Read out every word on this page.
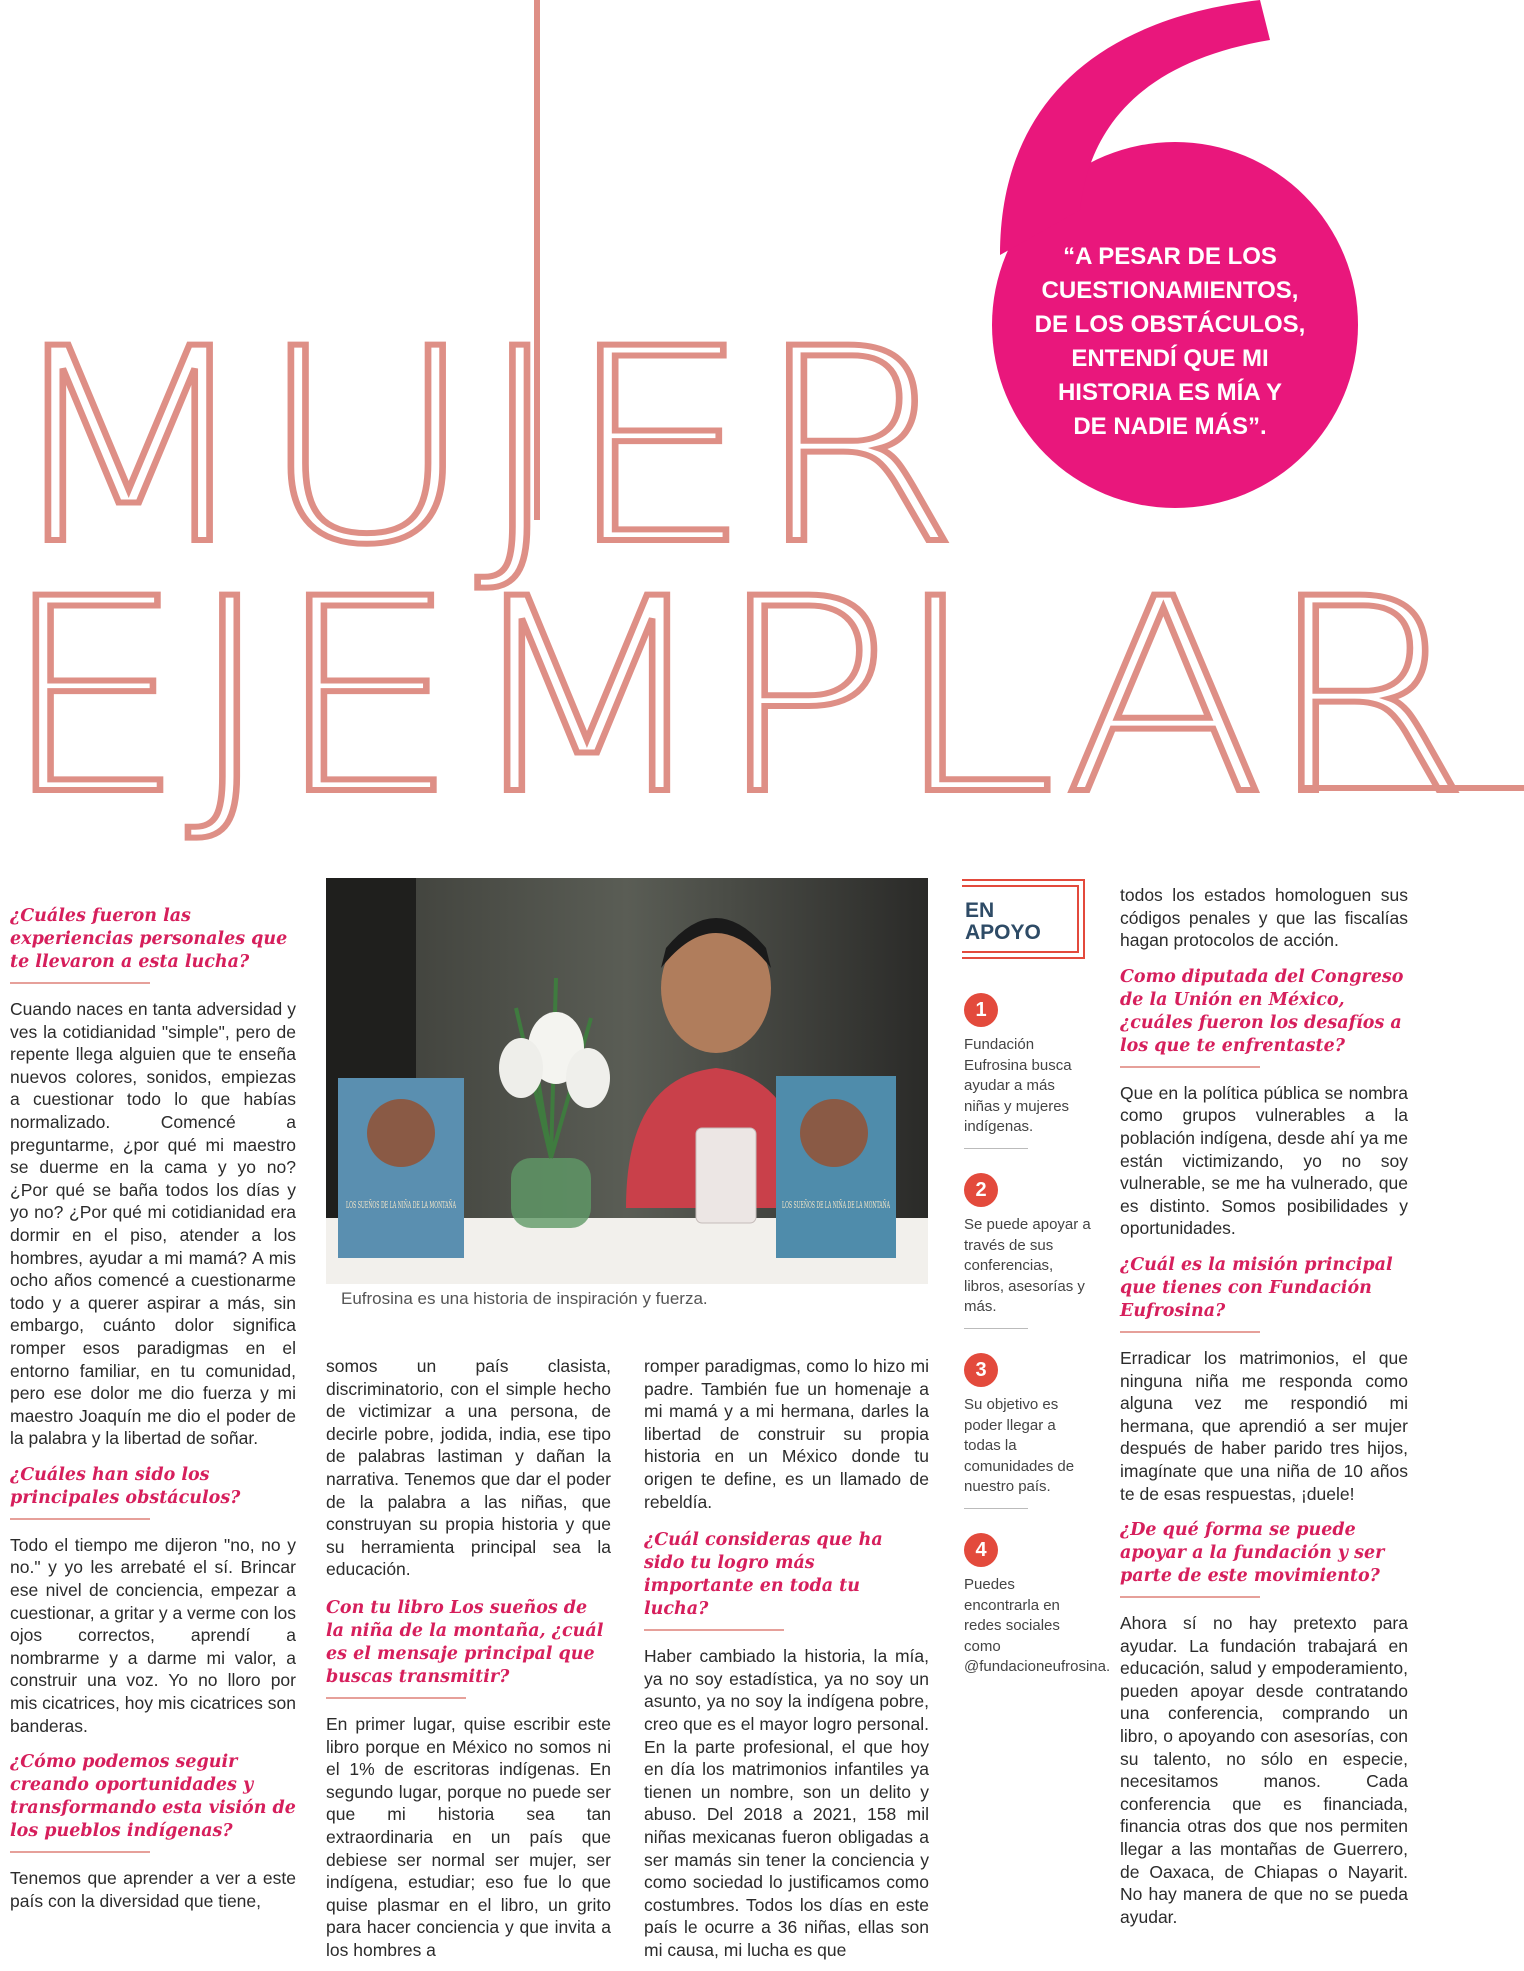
MUJER
EJEMPLAR
“A PESAR DE LOS
CUESTIONAMIENTOS,
DE LOS OBSTÁCULOS,
ENTENDÍ QUE MI
HISTORIA ES MÍA Y
DE NADIE MÁS”.
¿Cuáles fueron las experiencias personales que te llevaron a esta lucha?

Cuando naces en tanta adversidad y ves la cotidianidad "simple", pero de repente llega alguien que te enseña nuevos colores, sonidos, empiezas a cuestionar todo lo que habías normalizado. Comencé a preguntarme, ¿por qué mi maestro se duerme en la cama y yo no? ¿Por qué se baña todos los días y yo no? ¿Por qué mi cotidianidad era dormir en el piso, atender a los hombres, ayudar a mi mamá? A mis ocho años comencé a cuestionarme todo y a querer aspirar a más, sin embargo, cuánto dolor significa romper esos paradigmas en el entorno familiar, en tu comunidad, pero ese dolor me dio fuerza y mi maestro Joaquín me dio el poder de la palabra y la libertad de soñar.

¿Cuáles han sido los principales obstáculos?

Todo el tiempo me dijeron "no, no y no." y yo les arrebaté el sí. Brincar ese nivel de conciencia, empezar a cuestionar, a gritar y a verme con los ojos correctos, aprendí a nombrarme y a darme mi valor, a construir una voz. Yo no lloro por mis cicatrices, hoy mis cicatrices son banderas.

¿Cómo podemos seguir creando oportunidades y transformando esta visión de los pueblos indígenas?

Tenemos que aprender a ver a este país con la diversidad que tiene,

LOS SUEÑOS DE LA NIÑA DE LA MONTAÑA	LOS SUEÑOS DE LA NIÑA DE LA MONTAÑA
Eufrosina es una historia de inspiración y fuerza.

somos un país clasista, discriminatorio, con el simple hecho de victimizar a una persona, de decirle pobre, jodida, india, ese tipo de palabras lastiman y dañan la narrativa. Tenemos que dar el poder de la palabra a las niñas, que construyan su propia historia y que su herramienta principal sea la educación.

Con tu libro Los sueños de la niña de la montaña, ¿cuál es el mensaje principal que buscas transmitir?

En primer lugar, quise escribir este libro porque en México no somos ni el 1% de escritoras indígenas. En segundo lugar, porque no puede ser que mi historia sea tan extraordinaria en un país que debiese ser normal ser mujer, ser indígena, estudiar; eso fue lo que quise plasmar en el libro, un grito para hacer conciencia y que invita a los hombres a

romper paradigmas, como lo hizo mi padre. También fue un homenaje a mi mamá y a mi hermana, darles la libertad de construir su propia historia en un México donde tu origen te define, es un llamado de rebeldía.

¿Cuál consideras que ha sido tu logro más importante en toda tu lucha?

Haber cambiado la historia, la mía, ya no soy estadística, ya no soy un asunto, ya no soy la indígena pobre, creo que es el mayor logro personal. En la parte profesional, el que hoy en día los matrimonios infantiles ya tienen un nombre, son un delito y abuso. Del 2018 a 2021, 158 mil niñas mexicanas fueron obligadas a ser mamás sin tener la conciencia y como sociedad lo justificamos como costumbres. Todos los días en este país le ocurre a 36 niñas, ellas son mi causa, mi lucha es que

EN
APOYO
1
Fundación Eufrosina busca ayudar a más niñas y mujeres indígenas.
2
Se puede apoyar a través de sus conferencias, libros, asesorías y más.
3
Su objetivo es poder llegar a todas la comunidades de nuestro país.
4
Puedes encontrarla en redes sociales como @fundacioneufrosina.

todos los estados homologuen sus códigos penales y que las fiscalías hagan protocolos de acción.

Como diputada del Congreso de la Unión en México, ¿cuáles fueron los desafíos a los que te enfrentaste?

Que en la política pública se nombra como grupos vulnerables a la población indígena, desde ahí ya me están victimizando, yo no soy vulnerable, se me ha vulnerado, que es distinto. Somos posibilidades y oportunidades.

¿Cuál es la misión principal que tienes con Fundación Eufrosina?

Erradicar los matrimonios, el que ninguna niña me responda como alguna vez me respondió mi hermana, que aprendió a ser mujer después de haber parido tres hijos, imagínate que una niña de 10 años te de esas respuestas, ¡duele!

¿De qué forma se puede apoyar a la fundación y ser parte de este movimiento?

Ahora sí no hay pretexto para ayudar. La fundación trabajará en educación, salud y empoderamiento, pueden apoyar desde contratando una conferencia, comprando un libro, o apoyando con asesorías, con su talento, no sólo en especie, necesitamos manos. Cada conferencia que es financiada, financia otras dos que nos permiten llegar a las montañas de Guerrero, de Oaxaca, de Chiapas o Nayarit. No hay manera de que no se pueda ayudar.
